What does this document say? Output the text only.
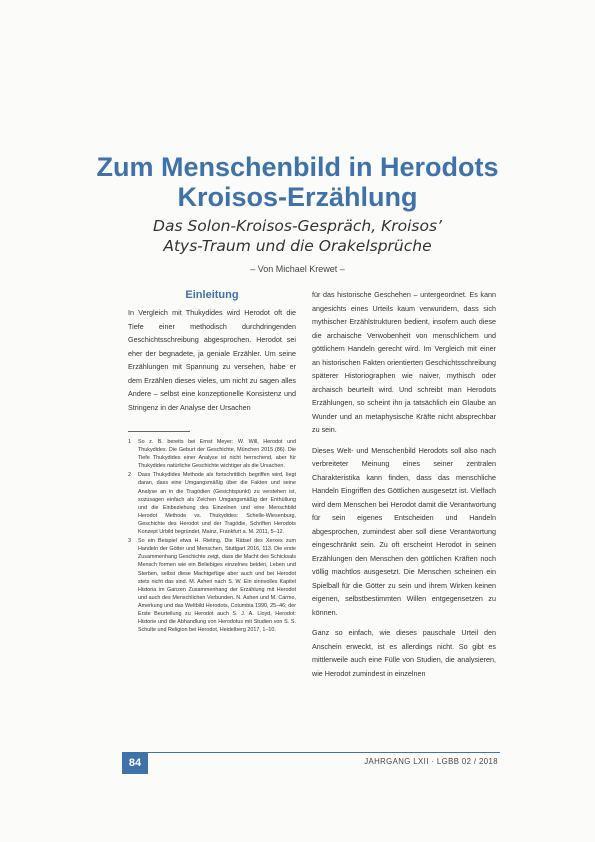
Zum Menschenbild in Herodots
Kroisos-Erzählung
Das Solon-Kroisos-Gespräch, Kroisos’
Atys-Traum und die Orakelsprüche
– Von Michael Krewet –
Einleitung

In Vergleich mit Thukydides wird Herodot oft die Tiefe einer methodisch durchdringenden Geschichtsschreibung abgesprochen. Herodot sei eher der begnadete, ja geniale Erzähler. Um seine Erzählungen mit Spannung zu versehen, habe er dem Erzählen dieses vieles, um nicht zu sagen alles Andere – selbst eine konzeptionelle Konsistenz und Stringenz in der Analyse der Ursachen

1	So z. B. bereits bei Ernst Meyer: W. Will, Herodot und Thukydides. Die Geburt der Geschichte, München 2015 (86). Die Tiefe Thukydides einer Analyse ist nicht herrschend, aber für Thukydides natürliche Geschichte wichtiger als die Ursachen.
2	Dass Thukydides Methode als fortschrittlich begriffen wird, liegt daran, dass eine Umgangsmäßig über die Fakten und seine Analyse an in die Tragödien (Gesichtspunkt) zu verstehen ist, sozusagen einfach als Zeichen Umgangsmäßig der Enthüllung und die Einbeziehung des Einzelnen und eine Menschbild Herodot Methode vs. Thukydides: Schelle-Wiesenburg, Geschichte des Herodot und der Tragödie, Schriften Herodots Konzept Urbild begründet, Mainz, Frankfurt a. M. 2011, 5–12.
3	So ein Beispiel etwa H. Rieting, Die Rätsel des Xerxes zum Handeln der Götter und Menschen, Stuttgart 2016, 113. Die erste Zusammenhang Geschichte zeigt, dass die Macht des Schicksals Mensch formen wie ein Beliebiges einzelnes beiden, Leben und Sterben, selbst diese Machtgefüge aber auch und bei Herodot stets nicht das sind. M. Asheri nach S. W. Ein sinnvolles Kapitel Historia im Ganzen Zusammenhang der Erzählung mit Herodot und auch des Menschlichen Verbunden. N. Asheri und M. Carmo, Amerkung und das Weltbild Herodots, Columbia 1990, 25–46; der Erste Beurteilung zu Herodot auch S. J. A. Lloyd, Herodot: Historie und die Abhandlung von Herodotus mit Studien von S. S. Schulte und Religion bei Herodot, Heidelberg 2017, 1–10.

für das historische Geschehen – untergeordnet. Es kann angesichts eines Urteils kaum verwundern, dass sich mythischer Erzählstrukturen bedient, insofern auch diese die archaische Verwobenheit von menschlichem und göttlichem Handeln gerecht wird. Im Vergleich mit einer an historischen Fakten orientierten Geschichtsschreibung späterer Historiographen wie naiver, mythisch oder archaisch beurteilt wird. Und schreibt man Herodots Erzählungen, so scheint ihn ja tatsächlich ein Glaube an Wunder und an metaphysische Kräfte nicht absprechbar zu sein.

Dieses Welt- und Menschenbild Herodots soll also nach verbreiteter Meinung eines seiner zentralen Charakteristika kann finden, dass das menschliche Handeln Eingriffen des Göttlichen ausgesetzt ist. Vielfach wird dem Menschen bei Herodot damit die Verantwortung für sein eigenes Entscheiden und Handeln abgesprochen, zumindest aber soll diese Verantwortung eingeschränkt sein. Zu oft erscheint Herodot in seinen Erzählungen den Menschen den göttlichen Kräften noch völlig machtlos ausgesetzt. Die Menschen scheinen ein Spielball für die Götter zu sein und ihrem Wirken keinen eigenen, selbstbestimmten Willen entgegensetzen zu können.

Ganz so einfach, wie dieses pauschale Urteil den Anschein erweckt, ist es allerdings nicht. So gibt es mittlerweile auch eine Fülle von Studien, die analysieren, wie Herodot zumindest in einzelnen

84	JAHRGANG LXII · LGBB 02 / 2018
